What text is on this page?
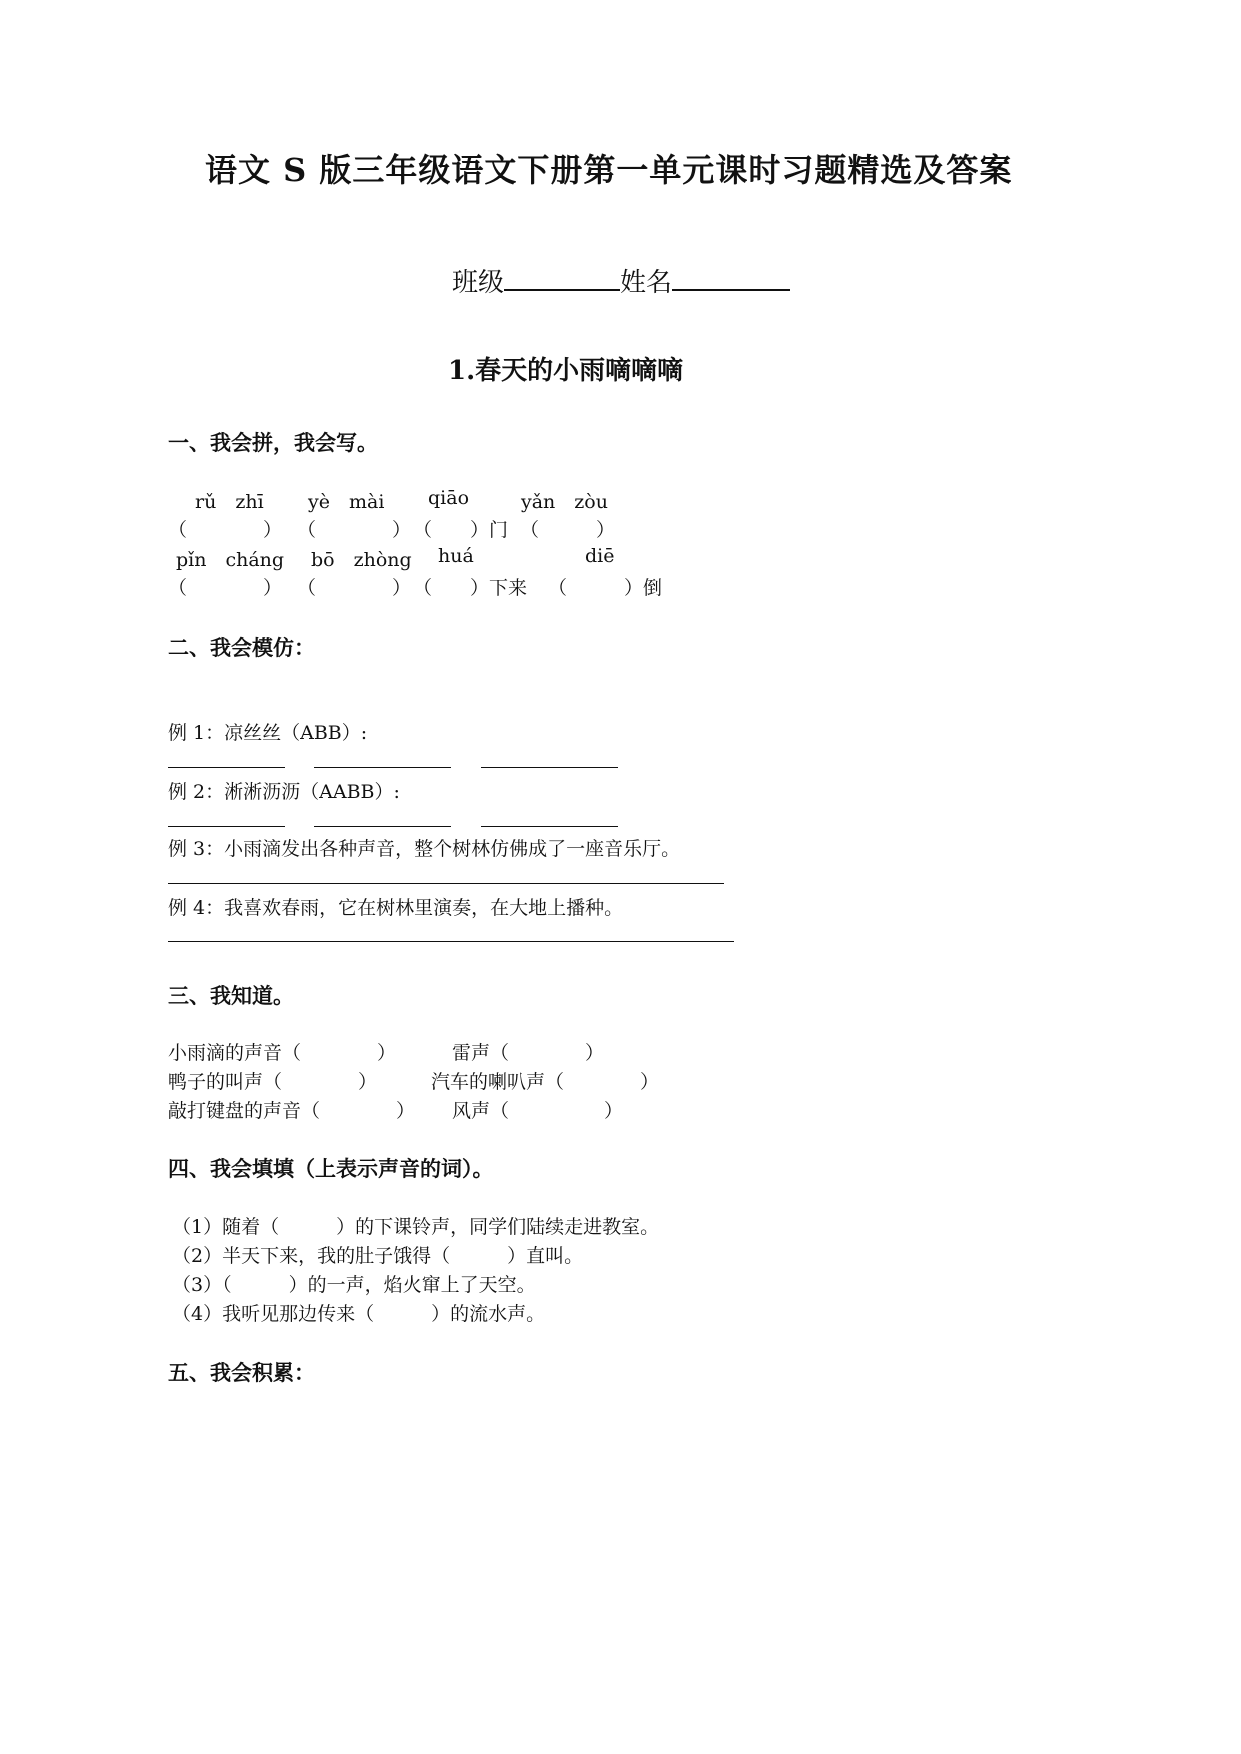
语文 S 版三年级语文下册第一单元课时习题精选及答案
班级	姓名
1.春天的小雨嘀嘀嘀
一、我会拼，我会写。
rǔ　zhī yè　mài qiāo	yǎn　zòu
（　　　　） （　　　　） （　　）门 （　　　）
pǐn　cháng bō　zhòng huá	diē
（　　　　） （　　　　） （　　）下来 （　　　）倒
二、我会模仿：
例 1：凉丝丝（ABB）:
例 2：淅淅沥沥（AABB）:
例 3：小雨滴发出各种声音，整个树林仿佛成了一座音乐厅。
例 4：我喜欢春雨，它在树林里演奏，在大地上播种。
三、我知道。
小雨滴的声音（　　　　）	雷声（　　　　）
鸭子的叫声（　　　　）	汽车的喇叭声（　　　　）
敲打键盘的声音（　　　　） 风声（　　　　　）
四、我会填填（上表示声音的词）。
（1）随着（　　　）的下课铃声，同学们陆续走进教室。
（2）半天下来，我的肚子饿得（　　　）直叫。
（3）（　　　）的一声，焰火窜上了天空。
（4）我听见那边传来（　　　）的流水声。
五、我会积累：
